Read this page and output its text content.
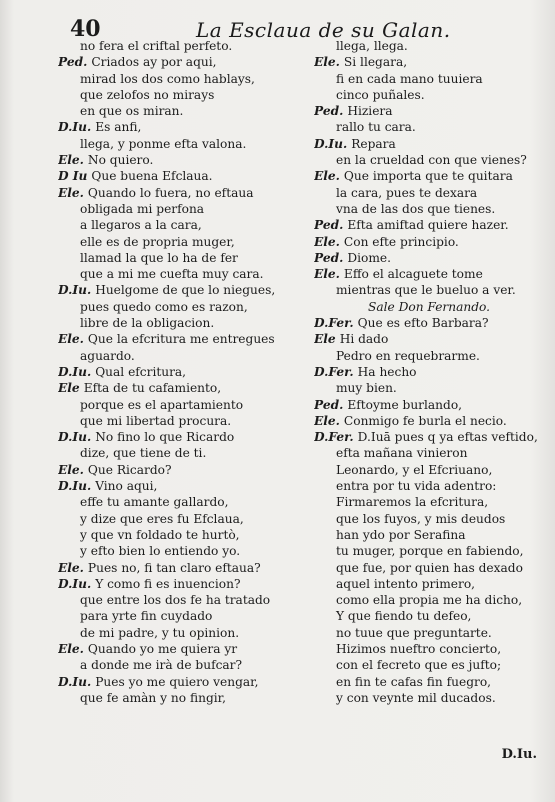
40	La Esclaua de su Galan.
no fera el criftal perfeto.
Ped. Criados ay por aqui,
mirad los dos como hablays,
que zelofos no mirays
en que os miran.
D.Iu. Es anfi,
llega, y ponme efta valona.
Ele. No quiero.
D Iu Que buena Efclaua.
Ele. Quando lo fuera, no eftaua
obligada mi perfona
a llegaros a la cara,
elle es de propria muger,
llamad la que lo ha de fer
que a mi me cuefta muy cara.
D.Iu. Huelgome de que lo niegues,
pues quedo como es razon,
libre de la obligacion.
Ele. Que la efcritura me entregues
aguardo.
D.Iu. Qual efcritura,
Ele Efta de tu cafamiento,
porque es el apartamiento
que mi libertad procura.
D.Iu. No fino lo que Ricardo
dize, que tiene de ti.
Ele. Que Ricardo?
D.Iu. Vino aqui,
effe tu amante gallardo,
y dize que eres fu Efclaua,
y que vn foldado te hurtò,
y efto bien lo entiendo yo.
Ele. Pues no, fi tan claro eftaua?
D.Iu. Y como fi es inuencion?
que entre los dos fe ha tratado
para yrte fin cuydado
de mi padre, y tu opinion.
Ele. Quando yo me quiera yr
a donde me irà de bufcar?
D.Iu. Pues yo me quiero vengar,
que fe amàn y no fingir,
llega, llega.
Ele. Si llegara,
fi en cada mano tuuiera
cinco puñales.
Ped. Hiziera
rallo tu cara.
D.Iu. Repara
en la crueldad con que vienes?
Ele. Que importa que te quitara
la cara, pues te dexara
vna de las dos que tienes.
Ped. Efta amiftad quiere hazer.
Ele. Con efte principio.
Ped. Diome.
Ele. Effo el alcaguete tome
mientras que le bueluo a ver.
Sale Don Fernando.
D.Fer. Que es efto Barbara?
Ele Hi dado
Pedro en requebrarme.
D.Fer. Ha hecho
muy bien.
Ped. Eftoyme burlando,
Ele. Conmigo fe burla el necio.
D.Fer. D.Iuā pues q ya eftas veftido,
efta mañana vinieron
Leonardo, y el Efcriuano,
entra por tu vida adentro:
Firmaremos la efcritura,
que los fuyos, y mis deudos
han ydo por Serafina
tu muger, porque en fabiendo,
que fue, por quien has dexado
aquel intento primero,
como ella propia me ha dicho,
Y que fiendo tu defeo,
no tuue que preguntarte.
Hizimos nueftro concierto,
con el fecreto que es jufto;
en fin te cafas fin fuegro,
y con veynte mil ducados.
D.Iu.
